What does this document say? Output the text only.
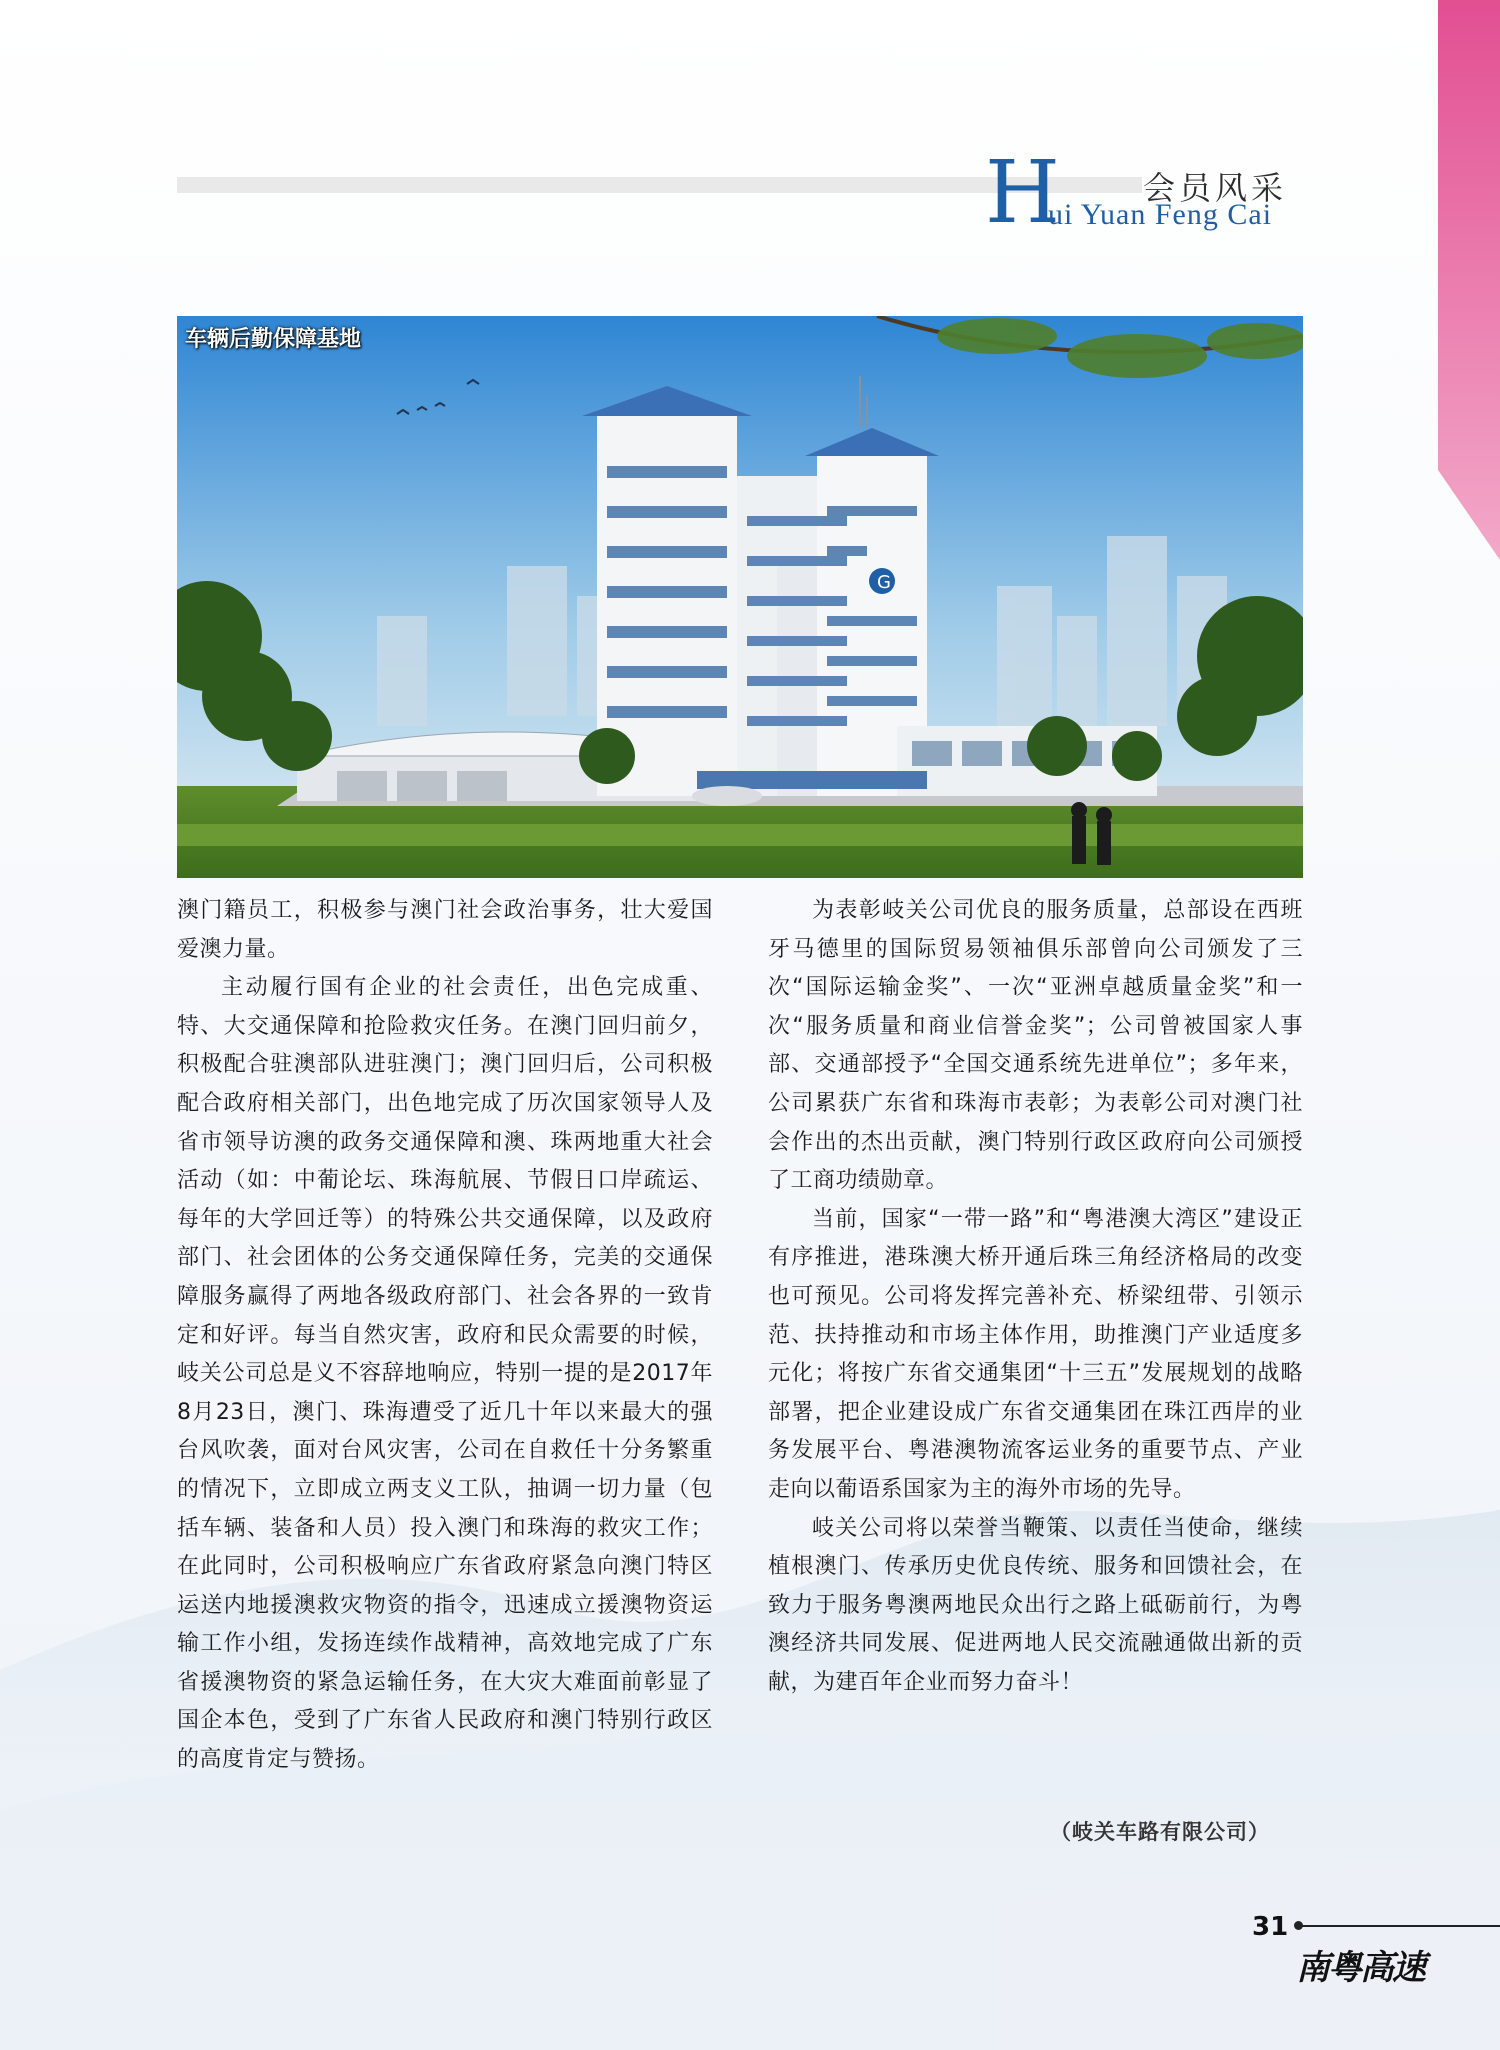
H	会员风采
ui Yuan Feng Cai
G
车辆后勤保障基地

澳门籍员工，积极参与澳门社会政治事务，壮大爱国爱澳力量。

主动履行国有企业的社会责任，出色完成重、特、大交通保障和抢险救灾任务。在澳门回归前夕，积极配合驻澳部队进驻澳门；澳门回归后，公司积极配合政府相关部门，出色地完成了历次国家领导人及省市领导访澳的政务交通保障和澳、珠两地重大社会活动（如：中葡论坛、珠海航展、节假日口岸疏运、每年的大学回迁等）的特殊公共交通保障，以及政府部门、社会团体的公务交通保障任务，完美的交通保障服务赢得了两地各级政府部门、社会各界的一致肯定和好评。每当自然灾害，政府和民众需要的时候，岐关公司总是义不容辞地响应，特别一提的是2017年8月23日，澳门、珠海遭受了近几十年以来最大的强台风吹袭，面对台风灾害，公司在自救任十分务繁重的情况下，立即成立两支义工队，抽调一切力量（包括车辆、装备和人员）投入澳门和珠海的救灾工作；在此同时，公司积极响应广东省政府紧急向澳门特区运送内地援澳救灾物资的指令，迅速成立援澳物资运输工作小组，发扬连续作战精神，高效地完成了广东省援澳物资的紧急运输任务，在大灾大难面前彰显了国企本色，受到了广东省人民政府和澳门特别行政区的高度肯定与赞扬。

为表彰岐关公司优良的服务质量，总部设在西班牙马德里的国际贸易领袖俱乐部曾向公司颁发了三次“国际运输金奖”、一次“亚洲卓越质量金奖”和一次“服务质量和商业信誉金奖”；公司曾被国家人事部、交通部授予“全国交通系统先进单位”；多年来，公司累获广东省和珠海市表彰；为表彰公司对澳门社会作出的杰出贡献，澳门特别行政区政府向公司颁授了工商功绩勋章。

当前，国家“一带一路”和“粤港澳大湾区”建设正有序推进，港珠澳大桥开通后珠三角经济格局的改变也可预见。公司将发挥完善补充、桥梁纽带、引领示范、扶持推动和市场主体作用，助推澳门产业适度多元化；将按广东省交通集团“十三五”发展规划的战略部署，把企业建设成广东省交通集团在珠江西岸的业务发展平台、粤港澳物流客运业务的重要节点、产业走向以葡语系国家为主的海外市场的先导。

岐关公司将以荣誉当鞭策、以责任当使命，继续植根澳门、传承历史优良传统、服务和回馈社会，在致力于服务粤澳两地民众出行之路上砥砺前行，为粤澳经济共同发展、促进两地人民交流融通做出新的贡献，为建百年企业而努力奋斗！

（岐关车路有限公司）
31
南粤高速
